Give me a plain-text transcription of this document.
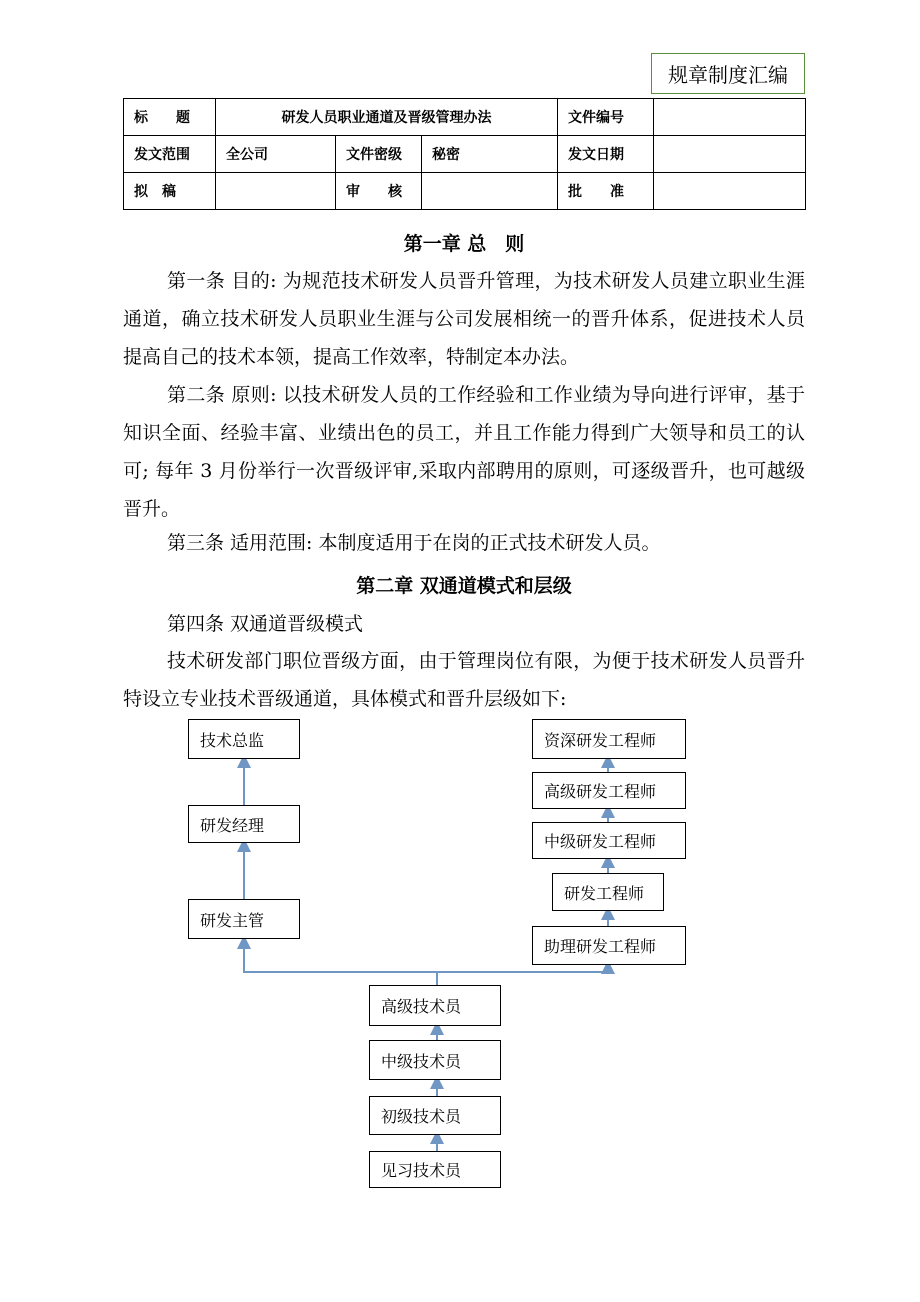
规章制度汇编
标　　题	研发人员职业通道及晋级管理办法			文件编号	
发文范围	全公司	文件密级	秘密	发文日期	
拟　稿		审　　核		批　　准	
第一章 总　则

第一条 目的: 为规范技术研发人员晋升管理，为技术研发人员建立职业生涯通道，确立技术研发人员职业生涯与公司发展相统一的晋升体系，促进技术人员提高自己的技术本领，提高工作效率，特制定本办法。

第二条 原则: 以技术研发人员的工作经验和工作业绩为导向进行评审，基于知识全面、经验丰富、业绩出色的员工，并且工作能力得到广大领导和员工的认可; 每年 3 月份举行一次晋级评审,采取内部聘用的原则，可逐级晋升，也可越级晋升。

第三条 适用范围: 本制度适用于在岗的正式技术研发人员。

第二章 双通道模式和层级

第四条 双通道晋级模式

技术研发部门职位晋级方面，由于管理岗位有限，为便于技术研发人员晋升特设立专业技术晋级通道，具体模式和晋升层级如下:

技术总监
研发经理
研发主管
资深研发工程师
高级研发工程师
中级研发工程师
研发工程师
助理研发工程师
高级技术员
中级技术员
初级技术员
见习技术员
